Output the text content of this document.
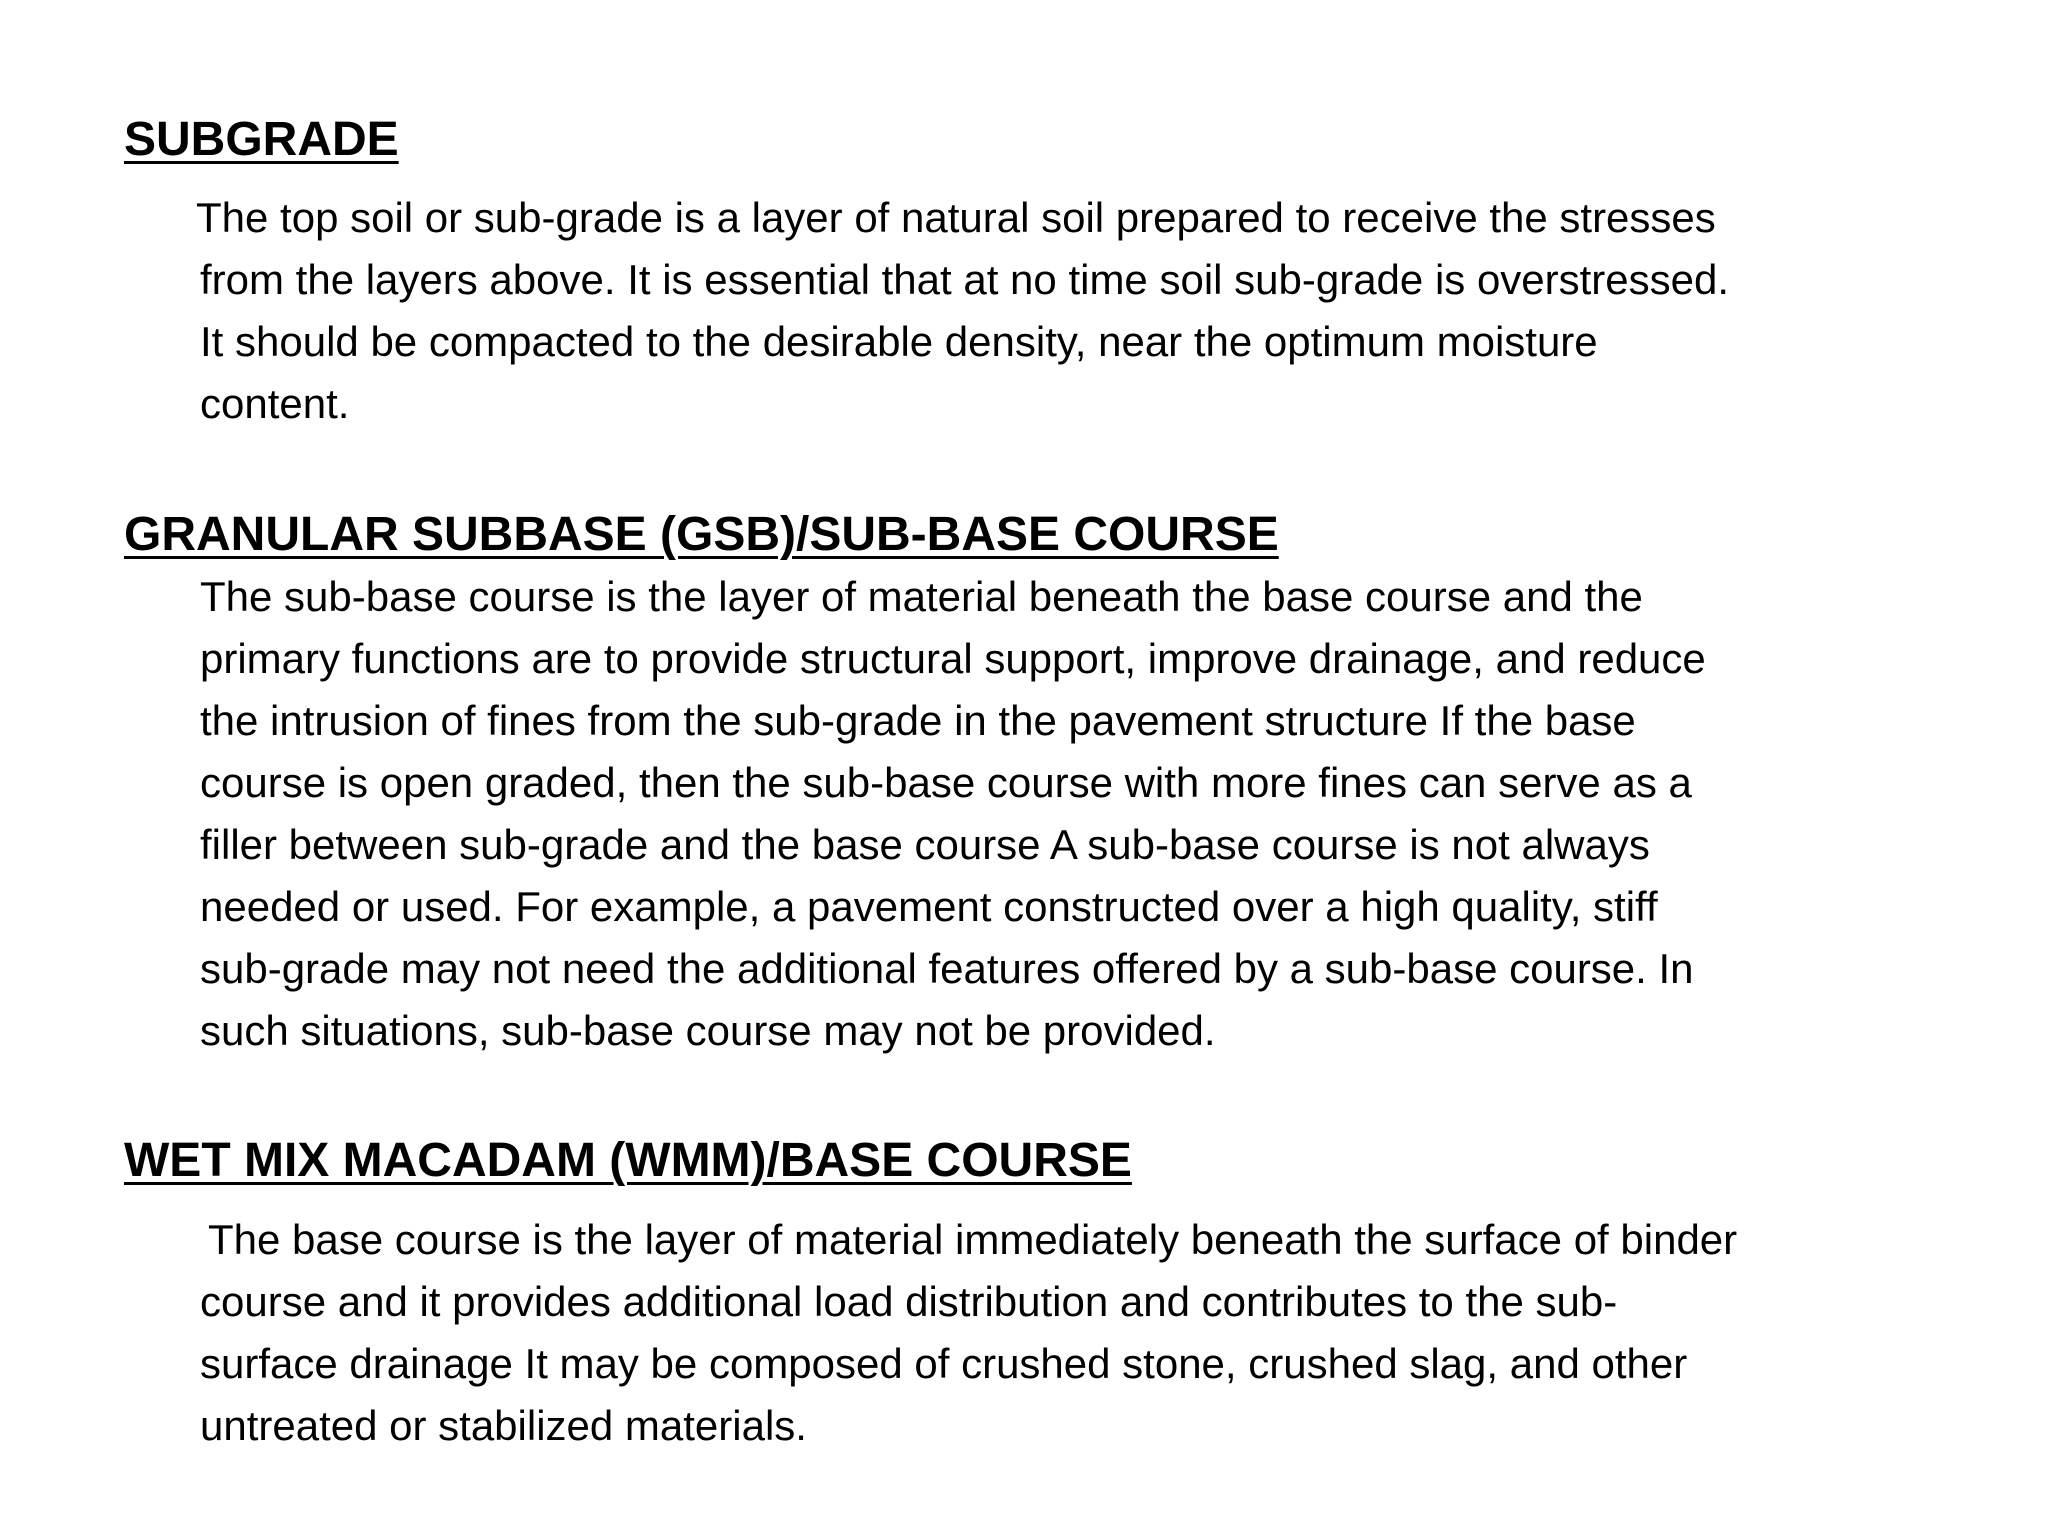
SUBGRADE

The top soil or sub-grade is a layer of natural soil prepared to receive the stresses
from the layers above. It is essential that at no time soil sub-grade is overstressed.
It should be compacted to the desirable density, near the optimum moisture
content.

GRANULAR SUBBASE (GSB)/SUB-BASE COURSE

The sub-base course is the layer of material beneath the base course and the
primary functions are to provide structural support, improve drainage, and reduce
the intrusion of fines from the sub-grade in the pavement structure If the base
course is open graded, then the sub-base course with more fines can serve as a
filler between sub-grade and the base course A sub-base course is not always
needed or used. For example, a pavement constructed over a high quality, stiff
sub-grade may not need the additional features offered by a sub-base course. In
such situations, sub-base course may not be provided.

WET MIX MACADAM (WMM)/BASE COURSE

The base course is the layer of material immediately beneath the surface of binder
course and it provides additional load distribution and contributes to the sub-
surface drainage It may be composed of crushed stone, crushed slag, and other
untreated or stabilized materials.
